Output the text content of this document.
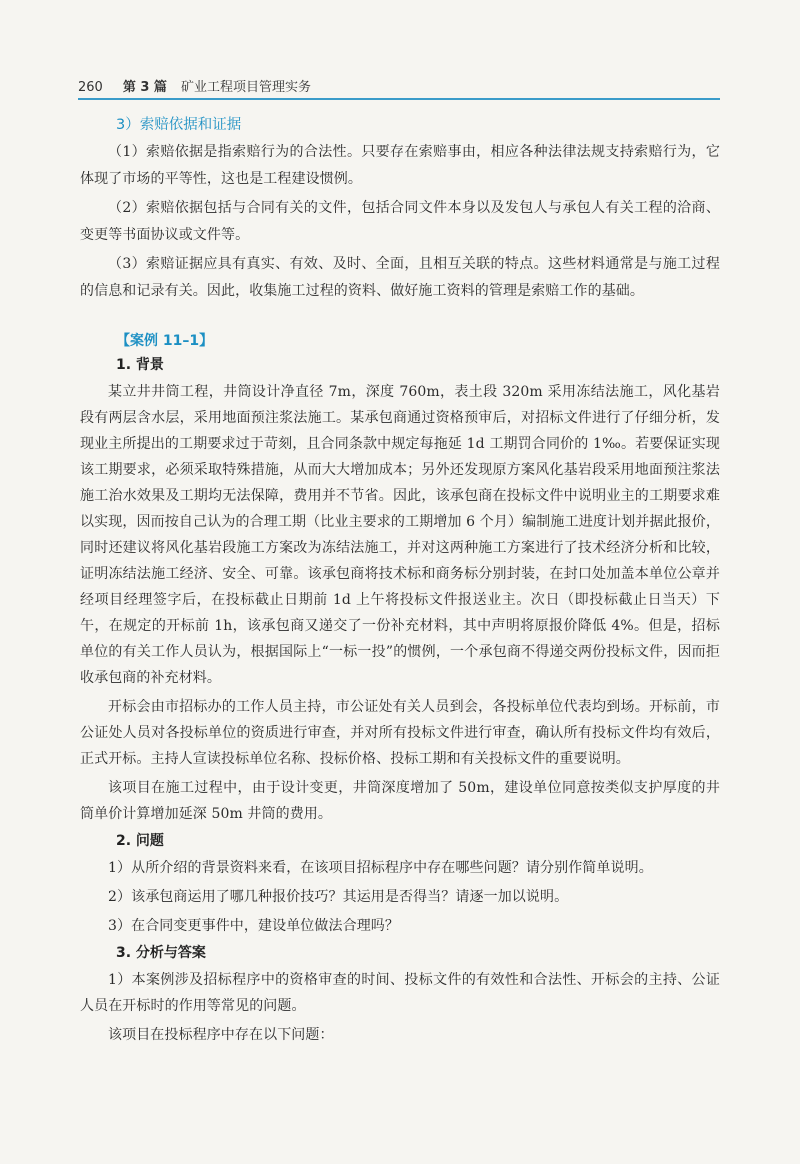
260 第 3 篇 矿业工程项目管理实务
3）索赔依据和证据

（1）索赔依据是指索赔行为的合法性。只要存在索赔事由，相应各种法律法规支持索赔行为，它体现了市场的平等性，这也是工程建设惯例。

（2）索赔依据包括与合同有关的文件，包括合同文件本身以及发包人与承包人有关工程的洽商、变更等书面协议或文件等。

（3）索赔证据应具有真实、有效、及时、全面，且相互关联的特点。这些材料通常是与施工过程的信息和记录有关。因此，收集施工过程的资料、做好施工资料的管理是索赔工作的基础。

【案例 11–1】
1. 背景

某立井井筒工程，井筒设计净直径 7m，深度 760m，表土段 320m 采用冻结法施工，风化基岩段有两层含水层，采用地面预注浆法施工。某承包商通过资格预审后，对招标文件进行了仔细分析，发现业主所提出的工期要求过于苛刻，且合同条款中规定每拖延 1d 工期罚合同价的 1‰。若要保证实现该工期要求，必须采取特殊措施，从而大大增加成本；另外还发现原方案风化基岩段采用地面预注浆法施工治水效果及工期均无法保障，费用并不节省。因此，该承包商在投标文件中说明业主的工期要求难以实现，因而按自己认为的合理工期（比业主要求的工期增加 6 个月）编制施工进度计划并据此报价，同时还建议将风化基岩段施工方案改为冻结法施工，并对这两种施工方案进行了技术经济分析和比较，证明冻结法施工经济、安全、可靠。该承包商将技术标和商务标分别封装，在封口处加盖本单位公章并经项目经理签字后，在投标截止日期前 1d 上午将投标文件报送业主。次日（即投标截止日当天）下午，在规定的开标前 1h，该承包商又递交了一份补充材料，其中声明将原报价降低 4%。但是，招标单位的有关工作人员认为，根据国际上“一标一投”的惯例，一个承包商不得递交两份投标文件，因而拒收承包商的补充材料。

开标会由市招标办的工作人员主持，市公证处有关人员到会，各投标单位代表均到场。开标前，市公证处人员对各投标单位的资质进行审查，并对所有投标文件进行审查，确认所有投标文件均有效后，正式开标。主持人宣读投标单位名称、投标价格、投标工期和有关投标文件的重要说明。

该项目在施工过程中，由于设计变更，井筒深度增加了 50m，建设单位同意按类似支护厚度的井筒单价计算增加延深 50m 井筒的费用。

2. 问题

1）从所介绍的背景资料来看，在该项目招标程序中存在哪些问题？请分别作简单说明。

2）该承包商运用了哪几种报价技巧？其运用是否得当？请逐一加以说明。

3）在合同变更事件中，建设单位做法合理吗？

3. 分析与答案

1）本案例涉及招标程序中的资格审查的时间、投标文件的有效性和合法性、开标会的主持、公证人员在开标时的作用等常见的问题。

该项目在投标程序中存在以下问题：
